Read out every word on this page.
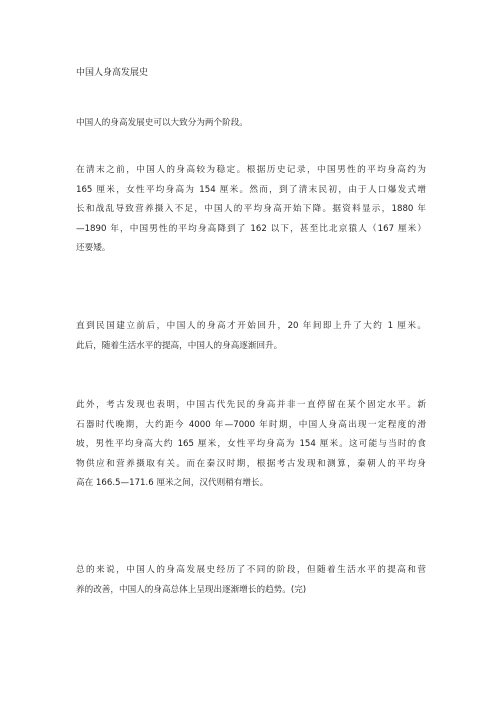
中国人身高发展史
中国人的身高发展史可以大致分为两个阶段。
在清末之前，中国人的身高较为稳定。根据历史记录，中国男性的平均身高约为
165 厘米，女性平均身高为 154 厘米。然而，到了清末民初，由于人口爆发式增
长和战乱导致营养摄入不足，中国人的平均身高开始下降。据资料显示，1880 年
—1890 年，中国男性的平均身高降到了 162 以下，甚至比北京猿人（167 厘米）
还要矮。
直到民国建立前后，中国人的身高才开始回升，20 年间即上升了大约 1 厘米。
此后，随着生活水平的提高，中国人的身高逐渐回升。
此外，考古发现也表明，中国古代先民的身高并非一直停留在某个固定水平。新
石器时代晚期，大约距今 4000 年—7000 年时期，中国人身高出现一定程度的滑
坡，男性平均身高大约 165 厘米，女性平均身高为 154 厘米。这可能与当时的食
物供应和营养摄取有关。而在秦汉时期，根据考古发现和测算，秦朝人的平均身
高在 166.5—171.6 厘米之间，汉代则稍有增长。
总的来说，中国人的身高发展史经历了不同的阶段，但随着生活水平的提高和营
养的改善，中国人的身高总体上呈现出逐渐增长的趋势。(完)
